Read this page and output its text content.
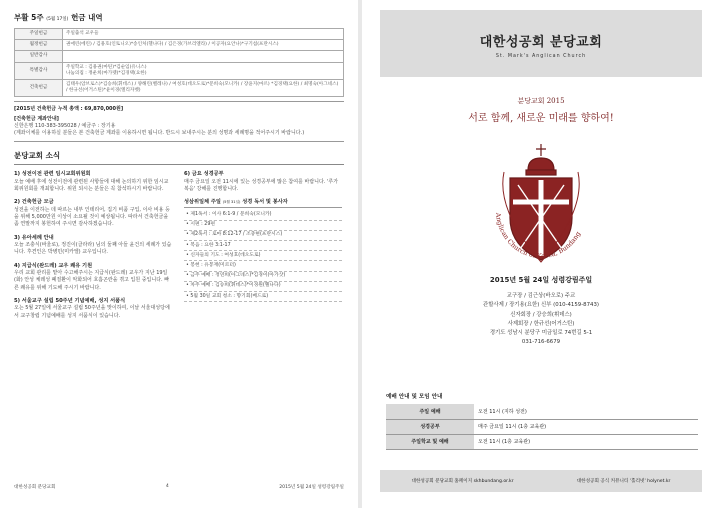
부활 5주 (5월 17일) 헌금 내역
주일헌금	주일출석 교우들
월정헌금	권애린(에린) / 김용호(인토니오)*송인처(헬나다) / 김은경(가브리엘라) / 이공자(요안나)*구기섭(프란시스)
일반감사	
특별감사	주일학교 : 김용권(마틴)*김순임(유니스)
나눔의집 : 정운희(마가렛)*김경택(요한)
건축헌금	김태우(암브로스)*김승희(휘데스) / 양해린(벨레나) / 여성호(데오도로)*문희숙(모니카) / 장윤지(마르) *김경택(요한) / 최명숙(아그네스) / 한규선(어거스틴)*윤이경(엘리자벳)
[2015년 건축헌금 누적 총액 : 69,870,000원]
[건축헌금 계좌안내]
신한은행 110-383-395028 / 예금주 : 장기용
(계좌이체를 이용하실 분들은 본 건축헌금 계좌를 이용하시면 됩니다. 반드시 보내주시는 분의 성명과 세례명을 적어주시기 바랍니다.)
분당교회 소식
1) 성전이전 관련 임시교회위원회

오늘 예배 후에 성전이전에 관련된 사항들에 대해 논의하기 위한 임시교회위원회를 개최합니다. 위원 되시는 분들은 꼭 참석하시기 바랍니다.

2) 건축헌금 모금

성전을 이전하는 데 따르는 내부 인테리어, 집기 비품 구입, 이사 비용 등을 위해 5,000만원 이상이 소요될 것이 예상됩니다. 따라서 건축헌금을 좀 연말까지 봉헌하여 주시면 감사하겠습니다.

3) 유아세례 안내

오늘 조충식(바울로), 정진이(클라라) 님의 둘째 아들 윤건의 세례가 있습니다. 후견인은 박병민(미카엘) 교우입니다.

4) 지급식(완드레) 교우 쾌유 기원

우리 교회 관리를 맡아 수고해주시는 지급식(완드레) 교우가 지난 19일(화) 안성 체레성 폐질환이 악화되어 호흡곤란을 겪고 입원 중입니다. 빠른 쾌유를 위해 기도해 주시기 바랍니다.

5) 서울교구 설립 50주년 기념예배, 성지 서품식

오는 5월 27일에 서울교구 설립 50주년을 맞이하여, 이날 서울대성당에서 교구창립 기념예배를 성지 서품식이 있습니다.

6) 금요 성경공부

매주 금요일 오전 11시에 있는 성경공부에 많은 참여를 바랍니다. '루가 복음' 강해를 진행합니다.

성삼위일체 주일 (5월 31일) 성경 독서 및 봉사자
• 제1독서 : 이사 6:1-9 / 문희숙(모니카)
• 시편 : 29편
• 제2독서 : 로마 8:12-17 / 조충현(프란시스)
• 복음 : 요한 3:1-17
• 신자들의 기도 : 여성호(데오도로)
• 봉헌 : 유봉재(미르터)
• 금주 예배 : 정연희(아그네스)*김경이(아가삿)
• 차주 예배 : 김승희(휘데스)*이경원(헬나다)
• 5월 30일 교회 청소 : 향기회(베드로)
대한성공회 분당교회	4	2015년 5월 24일 성령강림주일
대한성공회 분당교회
St. Mark's Anglican Church
분당교회 2015
서로 함께, 새로운 미래를 향하여!
Anglican Church of Korea, Bundang
2015년 5월 24일 성령강림주일
교구장 / 김근상(바오로) 주교
관할사제 / 장기용(요한) 신부 (010-4159-8743)
신자회장 / 강승희(휘데스)
사제회장 / 한규선(어거스틴)
경기도 성남시 분당구 미금일로 74번길 5-1
031-716-6679
예배 안내 및 모임 안내
주일 예배	오전 11시 (지하 성전)
성경공부	매주 금요일 11시 (1층 교육관)
주일학교 및 예배	오전 11시 (1층 교육관)
대한성공회 분당교회 홈페이지 skhbundang.or.kr	대한성공회 공식 커뮤니티 '홀리넷' holynet.kr
